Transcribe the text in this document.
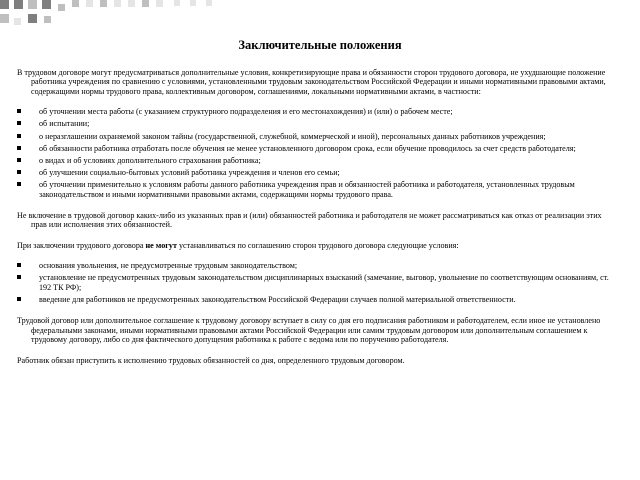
Заключительные положения

В трудовом договоре могут предусматриваться дополнительные условия, конкретизирующие права и обязанности сторон трудового договора, не ухудшающие положение работника учреждения по сравнению с условиями, установленными трудовым законодательством Российской Федерации и иными нормативными правовыми актами, содержащими нормы трудового права, коллективным договором, соглашениями, локальными нормативными актами, в частности:

об уточнении места работы (с указанием структурного подразделения и его местонахождения) и (или) о рабочем месте;
об испытании;
о неразглашении охраняемой законом тайны (государственной, служебной, коммерческой и иной), персональных данных работников учреждения;
об обязанности работника отработать после обучения не менее установленного договором срока, если обучение проводилось за счет средств работодателя;
о видах и об условиях дополнительного страхования работника;
об улучшении социально-бытовых условий работника учреждения и членов его семьи;
об уточнении применительно к условиям работы данного работника учреждения прав и обязанностей работника и работодателя, установленных трудовым законодательством и иными нормативными правовыми актами, содержащими нормы трудового права.

Не включение в трудовой договор каких-либо из указанных прав и (или) обязанностей работника и работодателя не может рассматриваться как отказ от реализации этих прав или исполнения этих обязанностей.

При заключении трудового договора не могут устанавливаться по соглашению сторон трудового договора следующие условия:

основания увольнения, не предусмотренные трудовым законодательством;
установление не предусмотренных трудовым законодательством дисциплинарных взысканий (замечание, выговор, увольнение по соответствующим основаниям, ст. 192 ТК РФ);
введение для работников не предусмотренных законодательством Российской Федерации случаев полной материальной ответственности.

Трудовой договор или дополнительное соглашение к трудовому договору вступает в силу со дня его подписания работником и работодателем, если иное не установлено федеральными законами, иными нормативными правовыми актами Российской Федерации или самим трудовым договором или дополнительным соглашением к трудовому договору, либо со дня фактического допущения работника к работе с ведома или по поручению работодателя.

Работник обязан приступить к исполнению трудовых обязанностей со дня, определенного трудовым договором.
